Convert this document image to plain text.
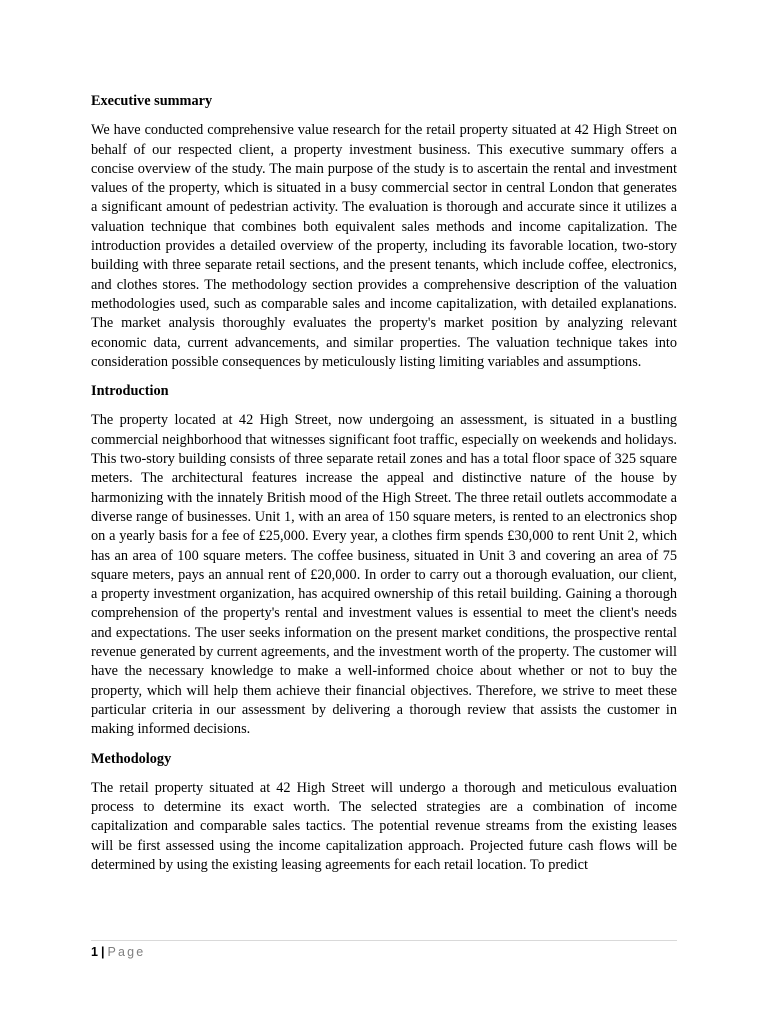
Executive summary

We have conducted comprehensive value research for the retail property situated at 42 High Street on behalf of our respected client, a property investment business. This executive summary offers a concise overview of the study. The main purpose of the study is to ascertain the rental and investment values of the property, which is situated in a busy commercial sector in central London that generates a significant amount of pedestrian activity. The evaluation is thorough and accurate since it utilizes a valuation technique that combines both equivalent sales methods and income capitalization. The introduction provides a detailed overview of the property, including its favorable location, two-story building with three separate retail sections, and the present tenants, which include coffee, electronics, and clothes stores. The methodology section provides a comprehensive description of the valuation methodologies used, such as comparable sales and income capitalization, with detailed explanations. The market analysis thoroughly evaluates the property's market position by analyzing relevant economic data, current advancements, and similar properties. The valuation technique takes into consideration possible consequences by meticulously listing limiting variables and assumptions.

Introduction

The property located at 42 High Street, now undergoing an assessment, is situated in a bustling commercial neighborhood that witnesses significant foot traffic, especially on weekends and holidays. This two-story building consists of three separate retail zones and has a total floor space of 325 square meters. The architectural features increase the appeal and distinctive nature of the house by harmonizing with the innately British mood of the High Street. The three retail outlets accommodate a diverse range of businesses. Unit 1, with an area of 150 square meters, is rented to an electronics shop on a yearly basis for a fee of £25,000. Every year, a clothes firm spends £30,000 to rent Unit 2, which has an area of 100 square meters. The coffee business, situated in Unit 3 and covering an area of 75 square meters, pays an annual rent of £20,000. In order to carry out a thorough evaluation, our client, a property investment organization, has acquired ownership of this retail building. Gaining a thorough comprehension of the property's rental and investment values is essential to meet the client's needs and expectations. The user seeks information on the present market conditions, the prospective rental revenue generated by current agreements, and the investment worth of the property. The customer will have the necessary knowledge to make a well-informed choice about whether or not to buy the property, which will help them achieve their financial objectives. Therefore, we strive to meet these particular criteria in our assessment by delivering a thorough review that assists the customer in making informed decisions.

Methodology

The retail property situated at 42 High Street will undergo a thorough and meticulous evaluation process to determine its exact worth. The selected strategies are a combination of income capitalization and comparable sales tactics. The potential revenue streams from the existing leases will be first assessed using the income capitalization approach. Projected future cash flows will be determined by using the existing leasing agreements for each retail location. To predict

1 | Page
